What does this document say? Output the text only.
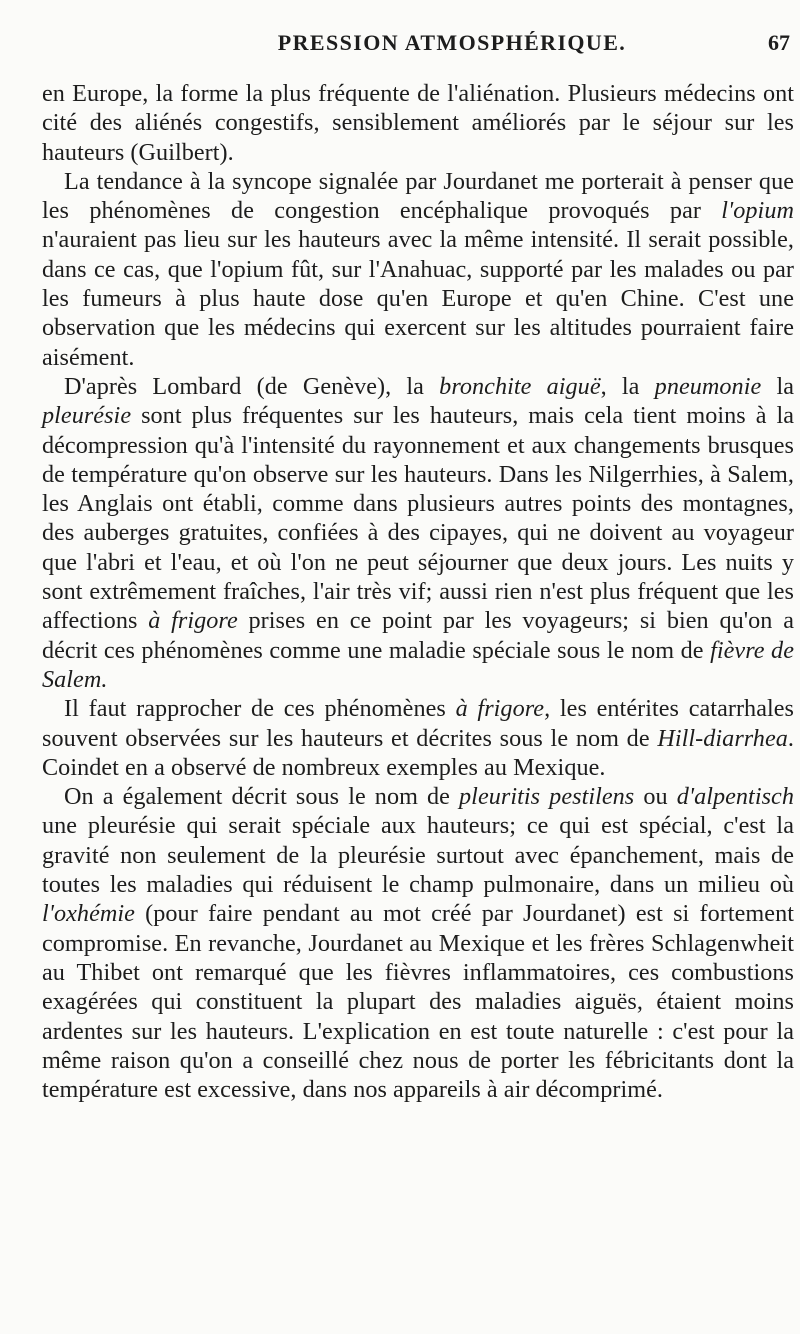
PRESSION ATMOSPHÉRIQUE.	67

en Europe, la forme la plus fréquente de l'aliénation. Plusieurs médecins ont cité des aliénés congestifs, sensiblement améliorés par le séjour sur les hauteurs (Guilbert).

La tendance à la syncope signalée par Jourdanet me porterait à penser que les phénomènes de congestion encéphalique provoqués par l'opium n'auraient pas lieu sur les hauteurs avec la même intensité. Il serait possible, dans ce cas, que l'opium fût, sur l'Anahuac, supporté par les malades ou par les fumeurs à plus haute dose qu'en Europe et qu'en Chine. C'est une observation que les médecins qui exercent sur les altitudes pourraient faire aisément.

D'après Lombard (de Genève), la bronchite aiguë, la pneumonie la pleurésie sont plus fréquentes sur les hauteurs, mais cela tient moins à la décompression qu'à l'intensité du rayonnement et aux changements brusques de température qu'on observe sur les hauteurs. Dans les Nilgerrhies, à Salem, les Anglais ont établi, comme dans plusieurs autres points des montagnes, des auberges gratuites, confiées à des cipayes, qui ne doivent au voyageur que l'abri et l'eau, et où l'on ne peut séjourner que deux jours. Les nuits y sont extrêmement fraîches, l'air très vif; aussi rien n'est plus fréquent que les affections à frigore prises en ce point par les voyageurs; si bien qu'on a décrit ces phénomènes comme une maladie spéciale sous le nom de fièvre de Salem.

Il faut rapprocher de ces phénomènes à frigore, les entérites catarrhales souvent observées sur les hauteurs et décrites sous le nom de Hill-diarrhea. Coindet en a observé de nombreux exemples au Mexique.

On a également décrit sous le nom de pleuritis pestilens ou d'alpentisch une pleurésie qui serait spéciale aux hauteurs; ce qui est spécial, c'est la gravité non seulement de la pleurésie surtout avec épanchement, mais de toutes les maladies qui réduisent le champ pulmonaire, dans un milieu où l'oxhémie (pour faire pendant au mot créé par Jourdanet) est si fortement compromise. En revanche, Jourdanet au Mexique et les frères Schlagenwheit au Thibet ont remarqué que les fièvres inflammatoires, ces combustions exagérées qui constituent la plupart des maladies aiguës, étaient moins ardentes sur les hauteurs. L'explication en est toute naturelle : c'est pour la même raison qu'on a conseillé chez nous de porter les fébricitants dont la température est excessive, dans nos appareils à air décomprimé.
